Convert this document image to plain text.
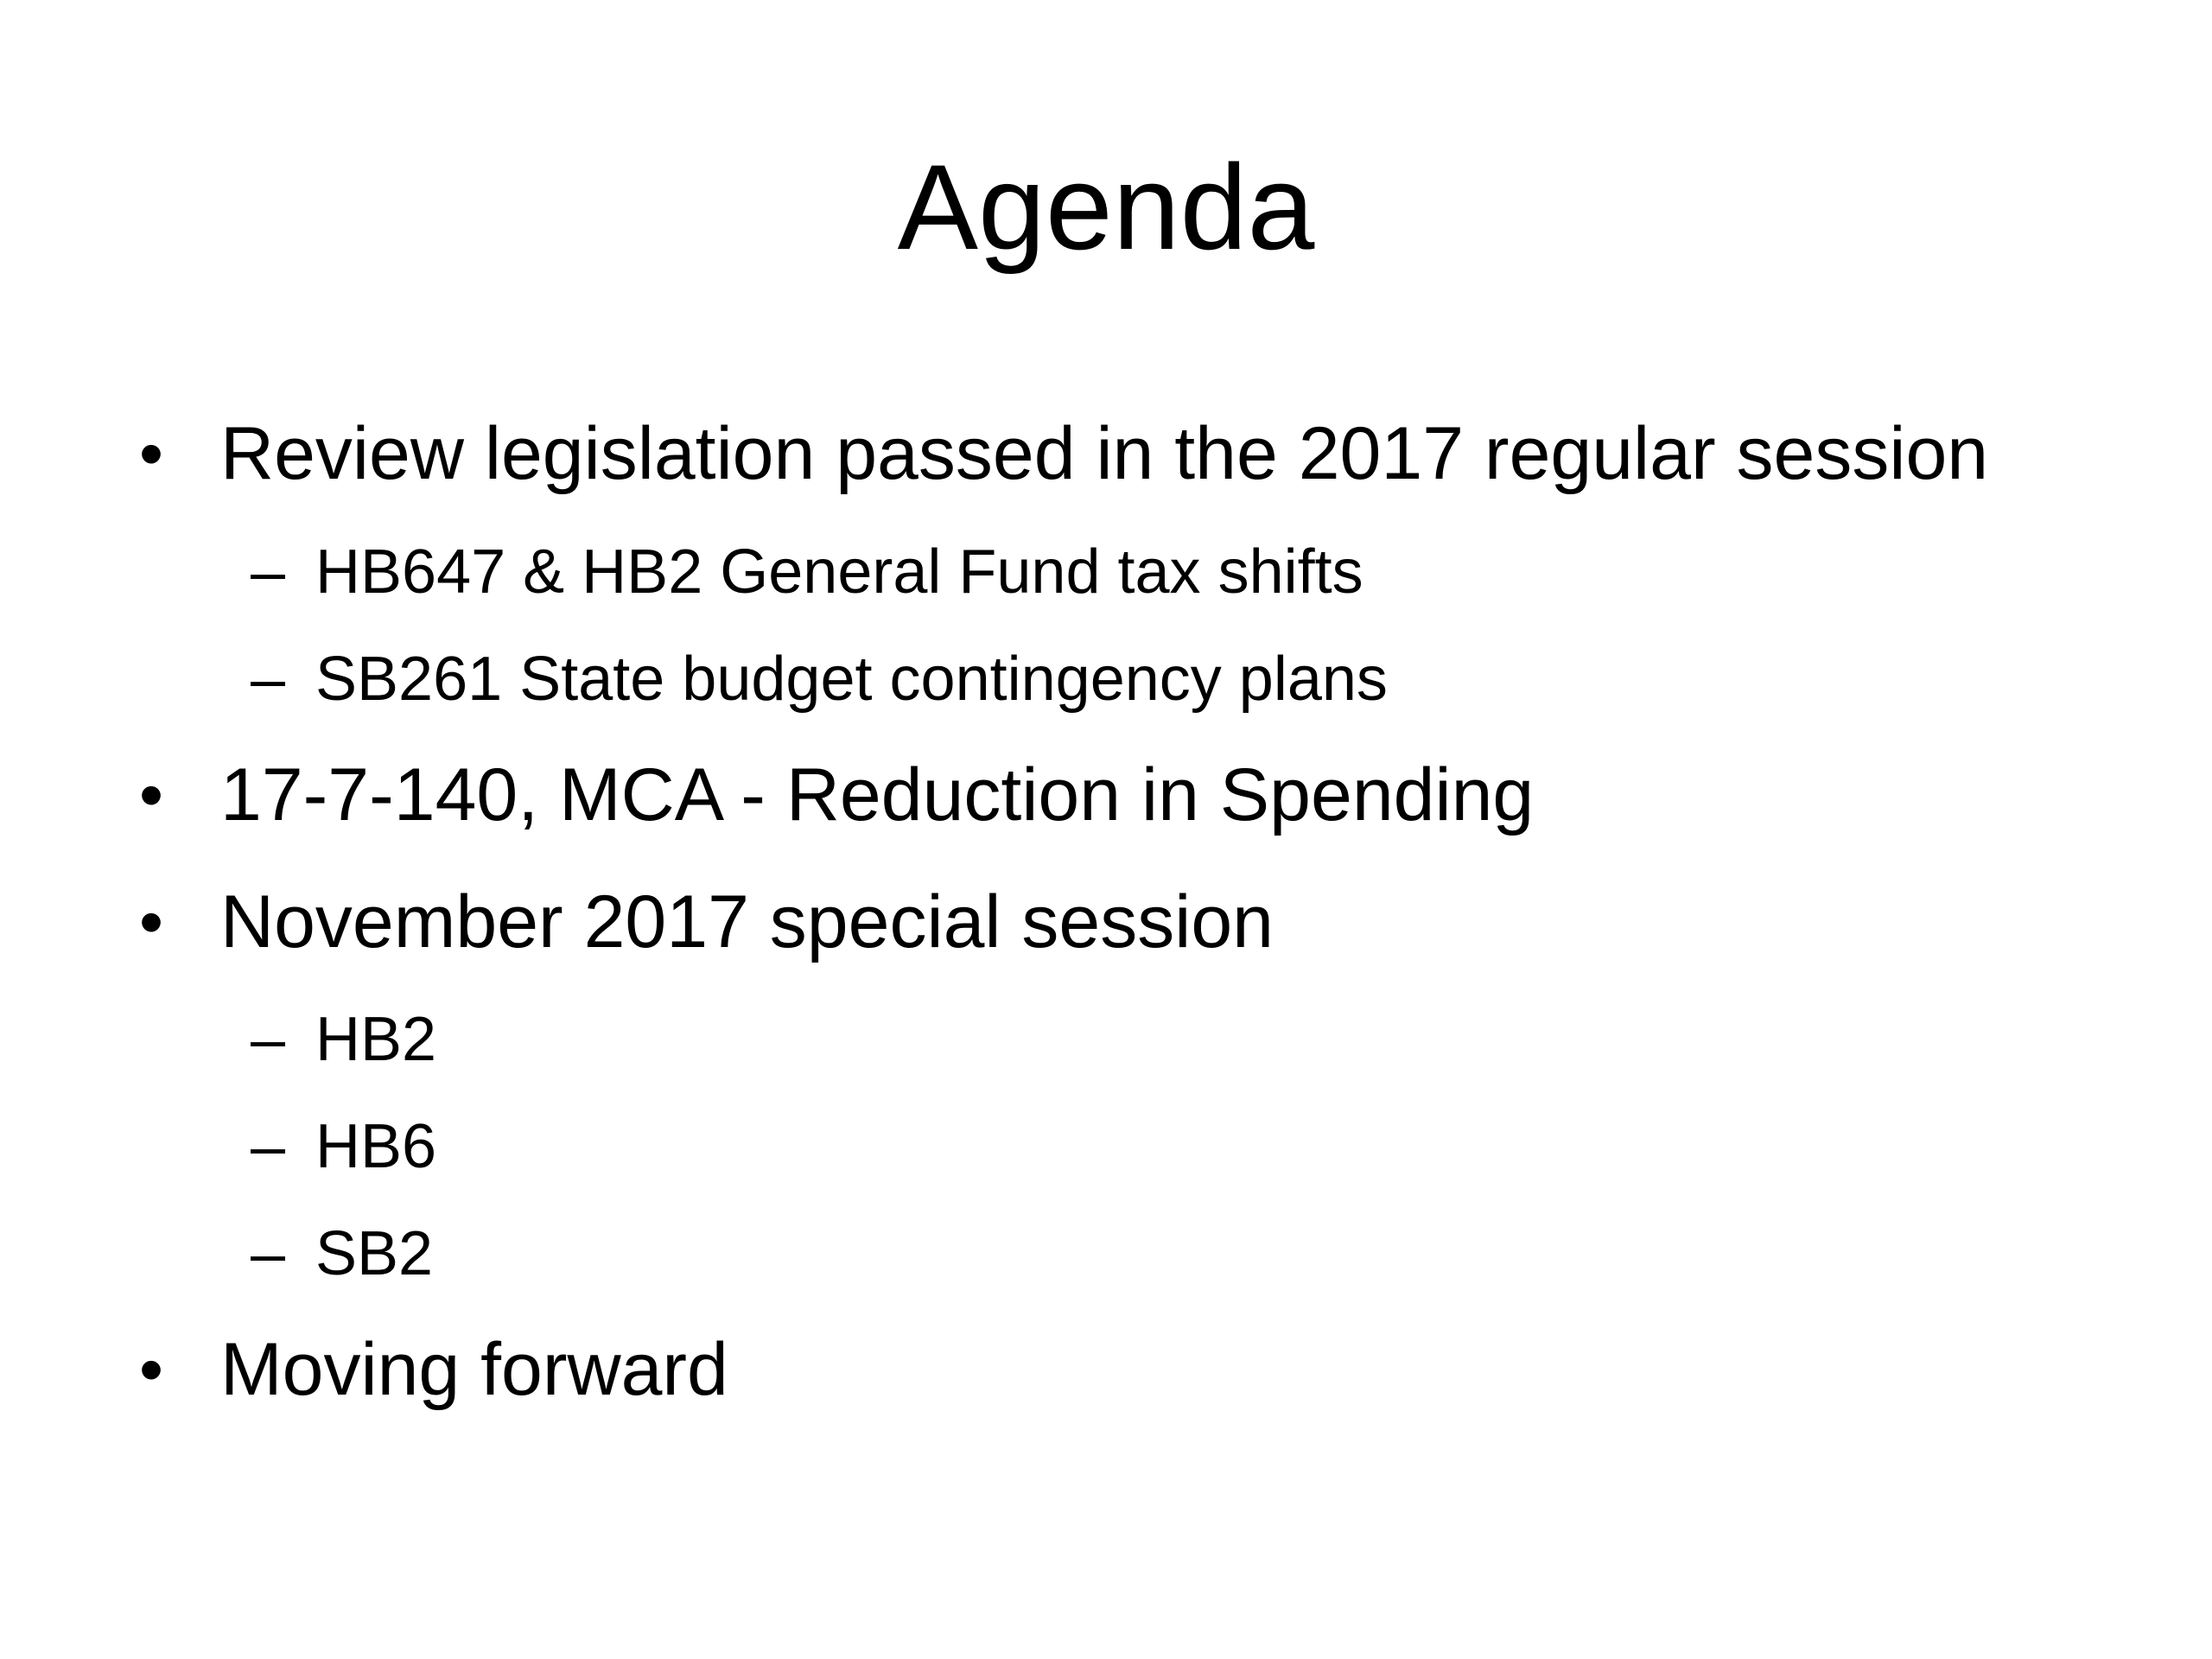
Agenda
• Review legislation passed in the 2017 regular session
– HB647 & HB2 General Fund tax shifts
– SB261 State budget contingency plans
• 17-7-140, MCA - Reduction in Spending
• November 2017 special session
– HB2
– HB6
– SB2
• Moving forward
